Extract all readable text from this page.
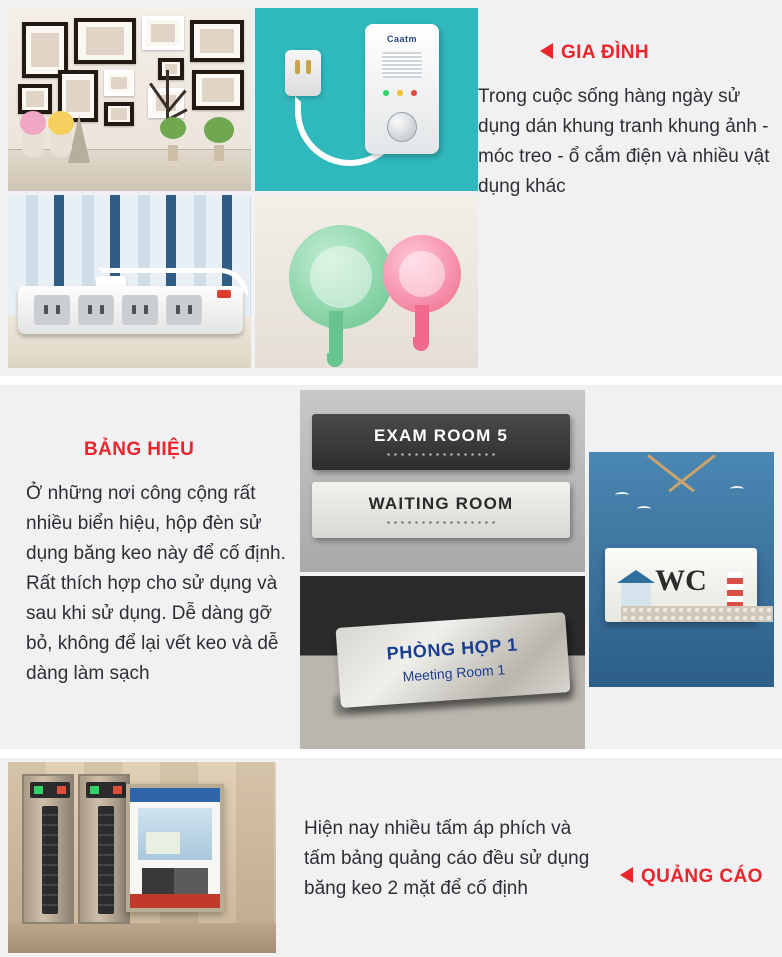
Caatm
GIA ĐÌNH
Trong cuộc sống hàng ngày sử dụng dán khung tranh khung ảnh - móc treo - ổ cắm điện và nhiều vật dụng khác
EXAM ROOM 5
WAITING ROOM
WC
PHÒNG HỌP 1
Meeting Room 1
BẢNG HIỆU
Ở những nơi công cộng rất nhiều biển hiệu, hộp đèn sử dụng băng keo này để cố định. Rất thích hợp cho sử dụng và sau khi sử dụng. Dễ dàng gỡ bỏ, không để lại vết keo và dễ dàng làm sạch
Hiện nay nhiều tấm áp phích và tấm bảng quảng cáo đều sử dụng băng keo 2 mặt để cố định
QUẢNG CÁO
